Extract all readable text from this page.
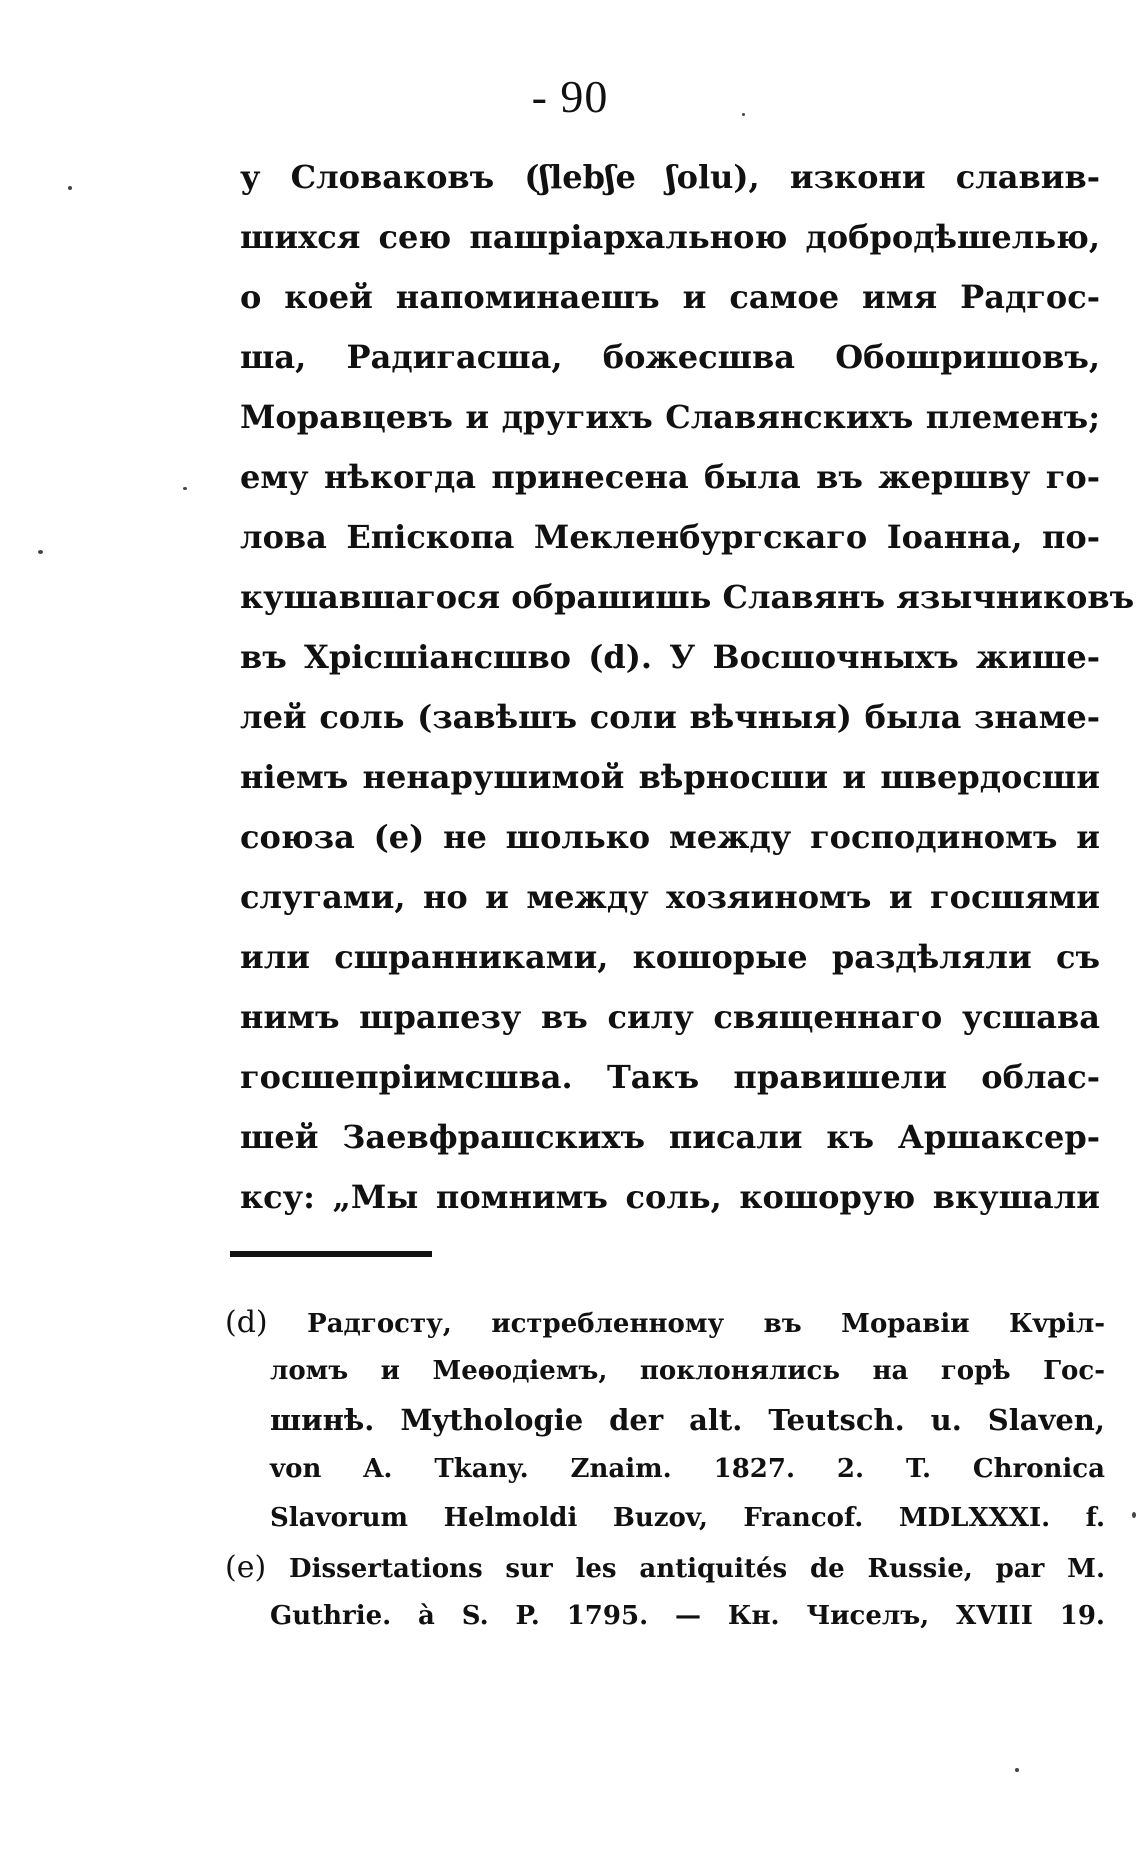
- 90
у Словаковъ (ʃlebʃe ʃolu), изкони славив-
шихся сею пашріархальною добродѣшелью,
о коей напоминаешъ и самое имя Радгос-
ша, Радигасша, божесшва Oбошришовъ,
Моравцевъ и другихъ Славянскихъ племенъ;
ему нѣкогда принесена была въ жершву го-
лова Епіскопа Мекленбургскаго Іоанна, по-
кушавшагося обрашишь Славянъ язычниковъ
въ Хрісшіансшво (d). У Восшочныхъ жише-
лей соль (завѣшъ соли вѣчныя) была знаме-
ніемъ ненарушимой вѣрносши и швердосши
союза (e) не шолько между господиномъ и
слугами, но и между хозяиномъ и госшями
или сшранниками, кошорые раздѣляли съ
нимъ шрапезу въ силу священнаго усшава
госшепріимсшва. Такъ правишели облас-
шей Заевфрашскихъ писали къ Аршаксер-
ксу: „Мы помнимъ соль, кошорую вкушали
(d) Радгосту, истребленному въ Моравіи Кvріл-
ломъ и Меѳодіемъ, поклонялись на горѣ Гос-
шинѣ. Mythologie der alt. Teutsch. u. Slaven,
von A. Tkany. Znaim. 1827. 2. T. Chronica
Slavorum Helmoldi Buzov, Francof. MDLXXXI. f.
(e) Dissertations sur les antiquités de Russie, par M.
Guthrie. à S. P. 1795. — Кн. Чиселъ, XVIII 19.
